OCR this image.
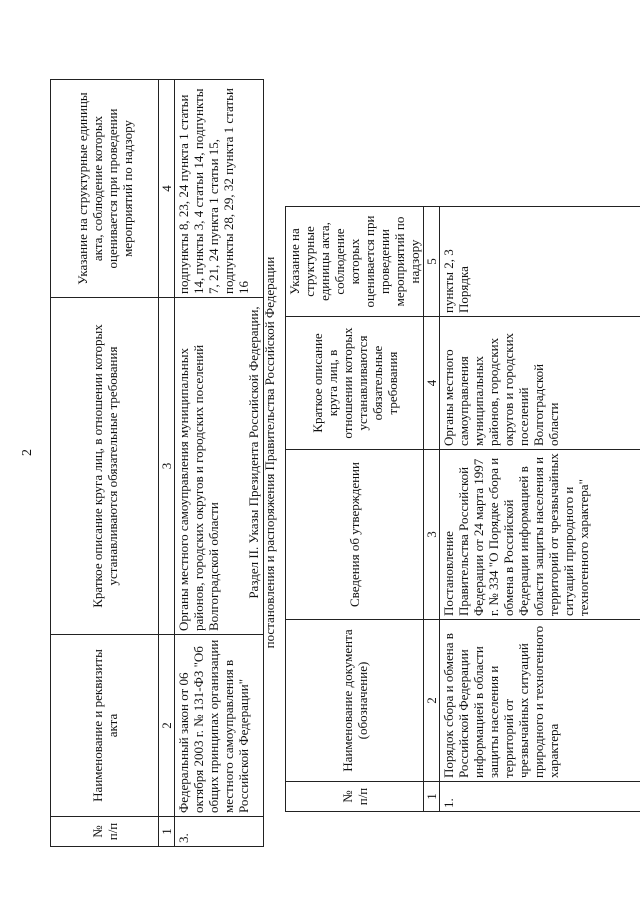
2
№ п/п	Наименование и реквизиты акта	Краткое описание круга лиц, в отношении которых устанавливаются обязательные требования	Указание на структурные единицы акта, соблюдение которых оценивается при проведении мероприятий по надзору
1	2	3	4
3.	Федеральный закон от 06 октября 2003 г. № 131-ФЗ "Об общих принципах организации местного самоуправления в Российской Федерации"	Органы местного самоуправления муниципальных районов, городских округов и городских поселений Волгоградской области	подпункты 8, 23, 24 пункта 1 статьи 14, пункты 3, 4 статьи 14, подпункты 7, 21, 24 пункта 1 статьи 15, подпункты 28, 29, 32 пункта 1 статьи 16
Раздел II. Указы Президента Российской Федерации, постановления и распоряжения Правительства Российской Федерации
№ п/п	Наименование документа (обозначение)	Сведения об утверждении	Краткое описание круга лиц, в отношении которых устанавливаются обязательные требования	Указание на структурные единицы акта, соблюдение которых оценивается при проведении мероприятий по надзору
1	2	3	4	5
1.	Порядок сбора и обмена в Российской Федерации информацией в области защиты населения и территорий от чрезвычайных ситуаций природного и техногенного характера	Постановление Правительства Российской Федерации от 24 марта 1997 г. № 334 "О Порядке сбора и обмена в Российской Федерации информацией в области защиты населения и территорий от чрезвычайных ситуаций природного и техногенного характера"	Органы местного самоуправления муниципальных районов, городских округов и городских поселений Волгоградской области	пункты 2, 3 Порядка
